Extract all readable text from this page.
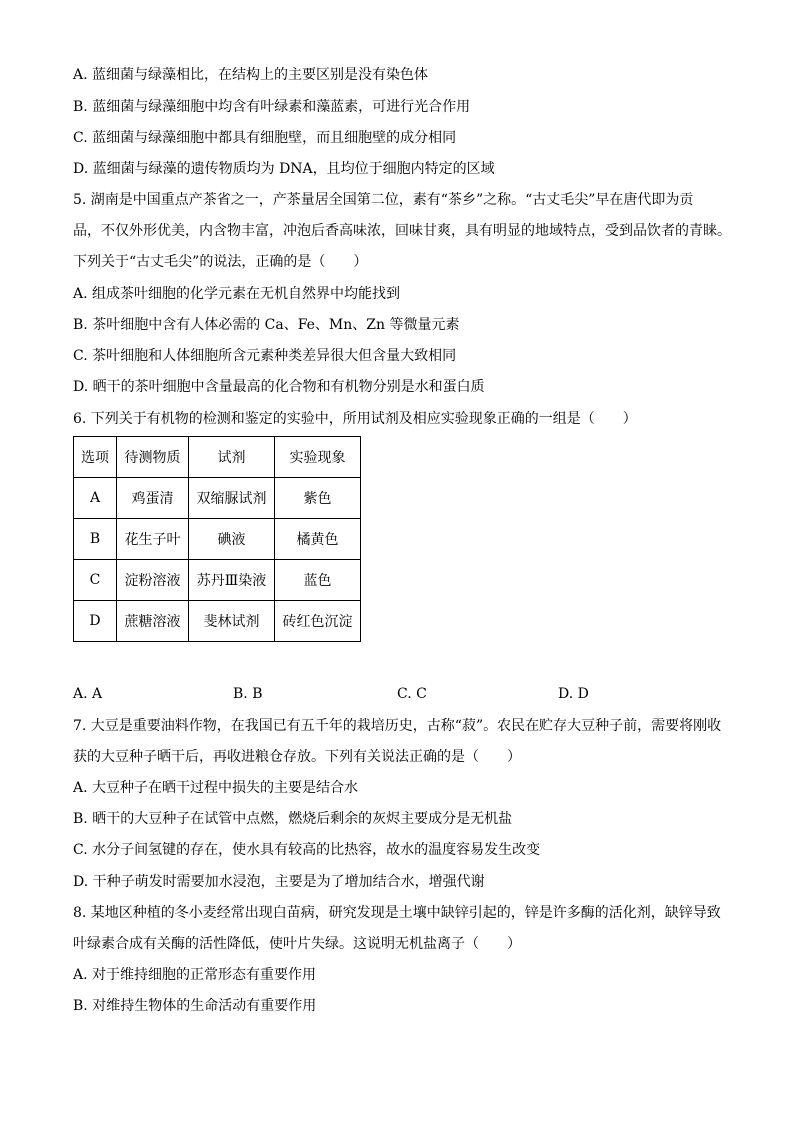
A. 蓝细菌与绿藻相比，在结构上的主要区别是没有染色体
B. 蓝细菌与绿藻细胞中均含有叶绿素和藻蓝素，可进行光合作用
C. 蓝细菌与绿藻细胞中都具有细胞壁，而且细胞壁的成分相同
D. 蓝细菌与绿藻的遗传物质均为 DNA，且均位于细胞内特定的区域
5. 湖南是中国重点产茶省之一，产茶量居全国第二位，素有“茶乡”之称。“古丈毛尖”早在唐代即为贡
品，不仅外形优美，内含物丰富，冲泡后香高味浓，回味甘爽，具有明显的地域特点，受到品饮者的青睐。
下列关于“古丈毛尖”的说法，正确的是（　　）
A. 组成茶叶细胞的化学元素在无机自然界中均能找到
B. 茶叶细胞中含有人体必需的 Ca、Fe、Mn、Zn 等微量元素
C. 茶叶细胞和人体细胞所含元素种类差异很大但含量大致相同
D. 晒干的茶叶细胞中含量最高的化合物和有机物分别是水和蛋白质
6. 下列关于有机物的检测和鉴定的实验中，所用试剂及相应实验现象正确的一组是（　　）
选项	待测物质	试剂	实验现象
A	鸡蛋清	双缩脲试剂	紫色
B	花生子叶	碘液	橘黄色
C	淀粉溶液	苏丹Ⅲ染液	蓝色
D	蔗糖溶液	斐林试剂	砖红色沉淀
A. A	B. B	C. C	D. D
7. 大豆是重要油料作物，在我国已有五千年的栽培历史，古称“菽”。农民在贮存大豆种子前，需要将刚收
获的大豆种子晒干后，再收进粮仓存放。下列有关说法正确的是（　　）
A. 大豆种子在晒干过程中损失的主要是结合水
B. 晒干的大豆种子在试管中点燃，燃烧后剩余的灰烬主要成分是无机盐
C. 水分子间氢键的存在，使水具有较高的比热容，故水的温度容易发生改变
D. 干种子萌发时需要加水浸泡，主要是为了增加结合水，增强代谢
8. 某地区种植的冬小麦经常出现白苗病，研究发现是土壤中缺锌引起的，锌是许多酶的活化剂，缺锌导致
叶绿素合成有关酶的活性降低，使叶片失绿。这说明无机盐离子（　　）
A. 对于维持细胞的正常形态有重要作用
B. 对维持生物体的生命活动有重要作用
